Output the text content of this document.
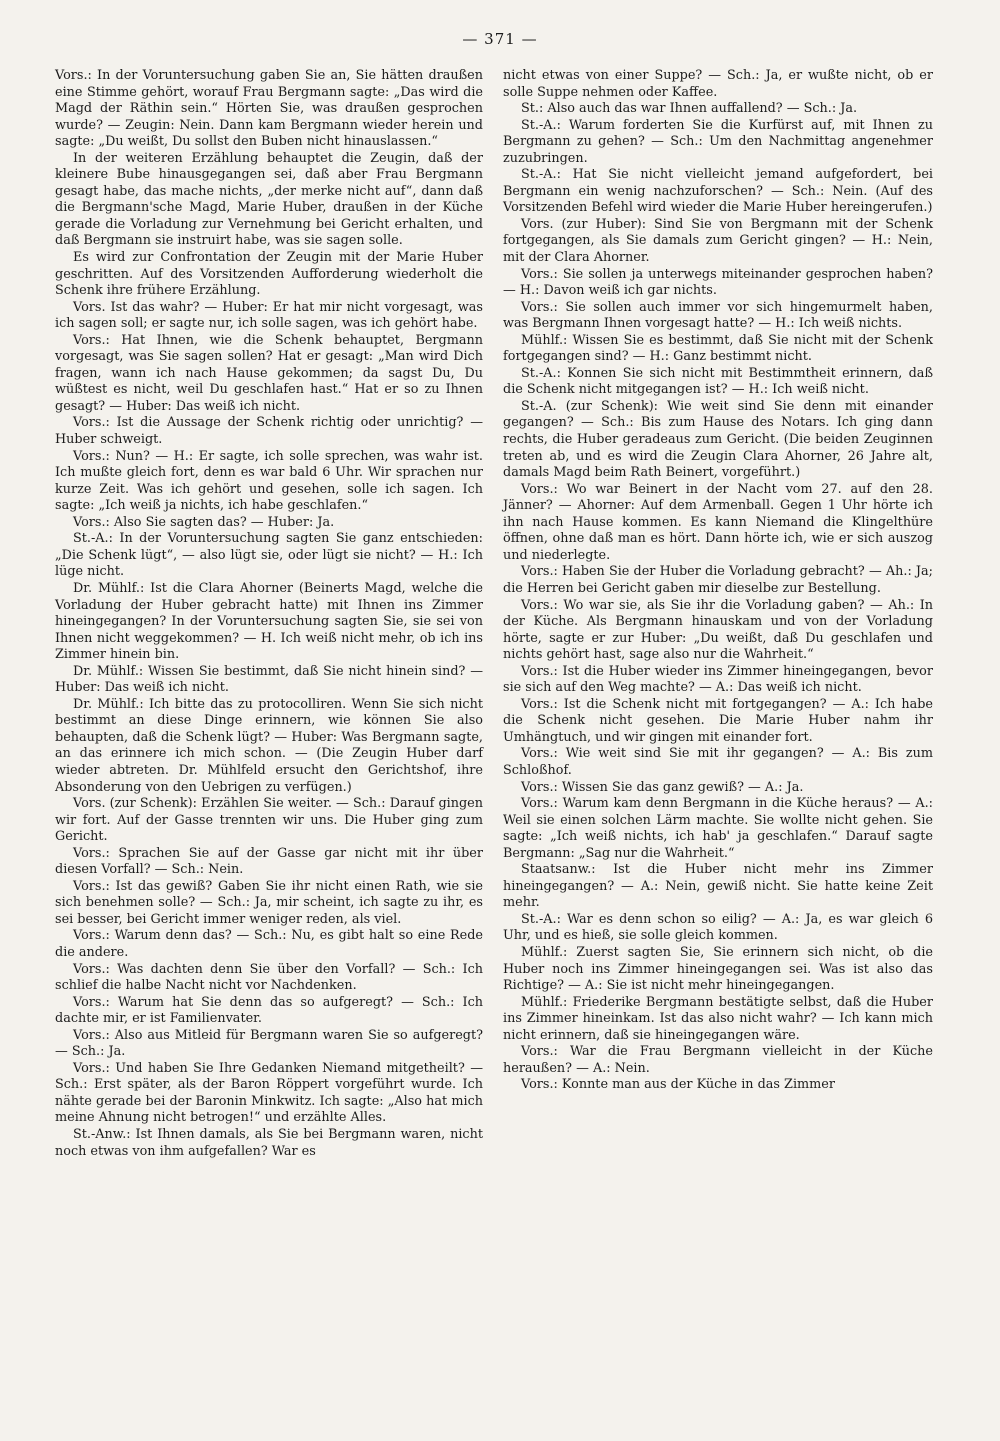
— 371 —

Vors.: In der Voruntersuchung gaben Sie an, Sie hätten draußen eine Stimme gehört, worauf Frau Bergmann sagte: „Das wird die Magd der Räthin sein.“ Hörten Sie, was draußen gesprochen wurde? — Zeugin: Nein. Dann kam Bergmann wieder herein und sagte: „Du weißt, Du sollst den Buben nicht hinauslassen.“

In der weiteren Erzählung behauptet die Zeugin, daß der kleinere Bube hinausgegangen sei, daß aber Frau Bergmann gesagt habe, das mache nichts, „der merke nicht auf“, dann daß die Bergmann'sche Magd, Marie Huber, draußen in der Küche gerade die Vorladung zur Vernehmung bei Gericht erhalten, und daß Bergmann sie instruirt habe, was sie sagen solle.

Es wird zur Confrontation der Zeugin mit der Marie Huber geschritten. Auf des Vorsitzenden Aufforderung wiederholt die Schenk ihre frühere Erzählung.

Vors. Ist das wahr? — Huber: Er hat mir nicht vorgesagt, was ich sagen soll; er sagte nur, ich solle sagen, was ich gehört habe.

Vors.: Hat Ihnen, wie die Schenk behauptet, Bergmann vorgesagt, was Sie sagen sollen? Hat er gesagt: „Man wird Dich fragen, wann ich nach Hause gekommen; da sagst Du, Du wüßtest es nicht, weil Du geschlafen hast.“ Hat er so zu Ihnen gesagt? — Huber: Das weiß ich nicht.

Vors.: Ist die Aussage der Schenk richtig oder unrichtig? — Huber schweigt.

Vors.: Nun? — H.: Er sagte, ich solle sprechen, was wahr ist. Ich mußte gleich fort, denn es war bald 6 Uhr. Wir sprachen nur kurze Zeit. Was ich gehört und gesehen, solle ich sagen. Ich sagte: „Ich weiß ja nichts, ich habe geschlafen.“

Vors.: Also Sie sagten das? — Huber: Ja.

St.-A.: In der Voruntersuchung sagten Sie ganz entschieden: „Die Schenk lügt“, — also lügt sie, oder lügt sie nicht? — H.: Ich lüge nicht.

Dr. Mühlf.: Ist die Clara Ahorner (Beinerts Magd, welche die Vorladung der Huber gebracht hatte) mit Ihnen ins Zimmer hineingegangen? In der Voruntersuchung sagten Sie, sie sei von Ihnen nicht weggekommen? — H. Ich weiß nicht mehr, ob ich ins Zimmer hinein bin.

Dr. Mühlf.: Wissen Sie bestimmt, daß Sie nicht hinein sind? — Huber: Das weiß ich nicht.

Dr. Mühlf.: Ich bitte das zu protocolliren. Wenn Sie sich nicht bestimmt an diese Dinge erinnern, wie können Sie also behaupten, daß die Schenk lügt? — Huber: Was Bergmann sagte, an das erinnere ich mich schon. — (Die Zeugin Huber darf wieder abtreten. Dr. Mühlfeld ersucht den Gerichtshof, ihre Absonderung von den Uebrigen zu verfügen.)

Vors. (zur Schenk): Erzählen Sie weiter. — Sch.: Darauf gingen wir fort. Auf der Gasse trennten wir uns. Die Huber ging zum Gericht.

Vors.: Sprachen Sie auf der Gasse gar nicht mit ihr über diesen Vorfall? — Sch.: Nein.

Vors.: Ist das gewiß? Gaben Sie ihr nicht einen Rath, wie sie sich benehmen solle? — Sch.: Ja, mir scheint, ich sagte zu ihr, es sei besser, bei Gericht immer weniger reden, als viel.

Vors.: Warum denn das? — Sch.: Nu, es gibt halt so eine Rede die andere.

Vors.: Was dachten denn Sie über den Vorfall? — Sch.: Ich schlief die halbe Nacht nicht vor Nachdenken.

Vors.: Warum hat Sie denn das so aufgeregt? — Sch.: Ich dachte mir, er ist Familienvater.

Vors.: Also aus Mitleid für Bergmann waren Sie so aufgeregt? — Sch.: Ja.

Vors.: Und haben Sie Ihre Gedanken Niemand mitgetheilt? — Sch.: Erst später, als der Baron Röppert vorgeführt wurde. Ich nähte gerade bei der Baronin Minkwitz. Ich sagte: „Also hat mich meine Ahnung nicht betrogen!“ und erzählte Alles.

St.-Anw.: Ist Ihnen damals, als Sie bei Bergmann waren, nicht noch etwas von ihm aufgefallen? War es

nicht etwas von einer Suppe? — Sch.: Ja, er wußte nicht, ob er solle Suppe nehmen oder Kaffee.

St.: Also auch das war Ihnen auffallend? — Sch.: Ja.

St.-A.: Warum forderten Sie die Kurfürst auf, mit Ihnen zu Bergmann zu gehen? — Sch.: Um den Nachmittag angenehmer zuzubringen.

St.-A.: Hat Sie nicht vielleicht jemand aufgefordert, bei Bergmann ein wenig nachzuforschen? — Sch.: Nein. (Auf des Vorsitzenden Befehl wird wieder die Marie Huber hereingerufen.)

Vors. (zur Huber): Sind Sie von Bergmann mit der Schenk fortgegangen, als Sie damals zum Gericht gingen? — H.: Nein, mit der Clara Ahorner.

Vors.: Sie sollen ja unterwegs miteinander gesprochen haben? — H.: Davon weiß ich gar nichts.

Vors.: Sie sollen auch immer vor sich hingemurmelt haben, was Bergmann Ihnen vorgesagt hatte? — H.: Ich weiß nichts.

Mühlf.: Wissen Sie es bestimmt, daß Sie nicht mit der Schenk fortgegangen sind? — H.: Ganz bestimmt nicht.

St.-A.: Konnen Sie sich nicht mit Bestimmtheit erinnern, daß die Schenk nicht mitgegangen ist? — H.: Ich weiß nicht.

St.-A. (zur Schenk): Wie weit sind Sie denn mit einander gegangen? — Sch.: Bis zum Hause des Notars. Ich ging dann rechts, die Huber geradeaus zum Gericht. (Die beiden Zeuginnen treten ab, und es wird die Zeugin Clara Ahorner, 26 Jahre alt, damals Magd beim Rath Beinert, vorgeführt.)

Vors.: Wo war Beinert in der Nacht vom 27. auf den 28. Jänner? — Ahorner: Auf dem Armenball. Gegen 1 Uhr hörte ich ihn nach Hause kommen. Es kann Niemand die Klingelthüre öffnen, ohne daß man es hört. Dann hörte ich, wie er sich auszog und niederlegte.

Vors.: Haben Sie der Huber die Vorladung gebracht? — Ah.: Ja; die Herren bei Gericht gaben mir dieselbe zur Bestellung.

Vors.: Wo war sie, als Sie ihr die Vorladung gaben? — Ah.: In der Küche. Als Bergmann hinauskam und von der Vorladung hörte, sagte er zur Huber: „Du weißt, daß Du geschlafen und nichts gehört hast, sage also nur die Wahrheit.“

Vors.: Ist die Huber wieder ins Zimmer hineingegangen, bevor sie sich auf den Weg machte? — A.: Das weiß ich nicht.

Vors.: Ist die Schenk nicht mit fortgegangen? — A.: Ich habe die Schenk nicht gesehen. Die Marie Huber nahm ihr Umhängtuch, und wir gingen mit einander fort.

Vors.: Wie weit sind Sie mit ihr gegangen? — A.: Bis zum Schloßhof.

Vors.: Wissen Sie das ganz gewiß? — A.: Ja.

Vors.: Warum kam denn Bergmann in die Küche heraus? — A.: Weil sie einen solchen Lärm machte. Sie wollte nicht gehen. Sie sagte: „Ich weiß nichts, ich hab' ja geschlafen.“ Darauf sagte Bergmann: „Sag nur die Wahrheit.“

Staatsanw.: Ist die Huber nicht mehr ins Zimmer hineingegangen? — A.: Nein, gewiß nicht. Sie hatte keine Zeit mehr.

St.-A.: War es denn schon so eilig? — A.: Ja, es war gleich 6 Uhr, und es hieß, sie solle gleich kommen.

Mühlf.: Zuerst sagten Sie, Sie erinnern sich nicht, ob die Huber noch ins Zimmer hineingegangen sei. Was ist also das Richtige? — A.: Sie ist nicht mehr hineingegangen.

Mühlf.: Friederike Bergmann bestätigte selbst, daß die Huber ins Zimmer hineinkam. Ist das also nicht wahr? — Ich kann mich nicht erinnern, daß sie hineingegangen wäre.

Vors.: War die Frau Bergmann vielleicht in der Küche heraußen? — A.: Nein.

Vors.: Konnte man aus der Küche in das Zimmer
